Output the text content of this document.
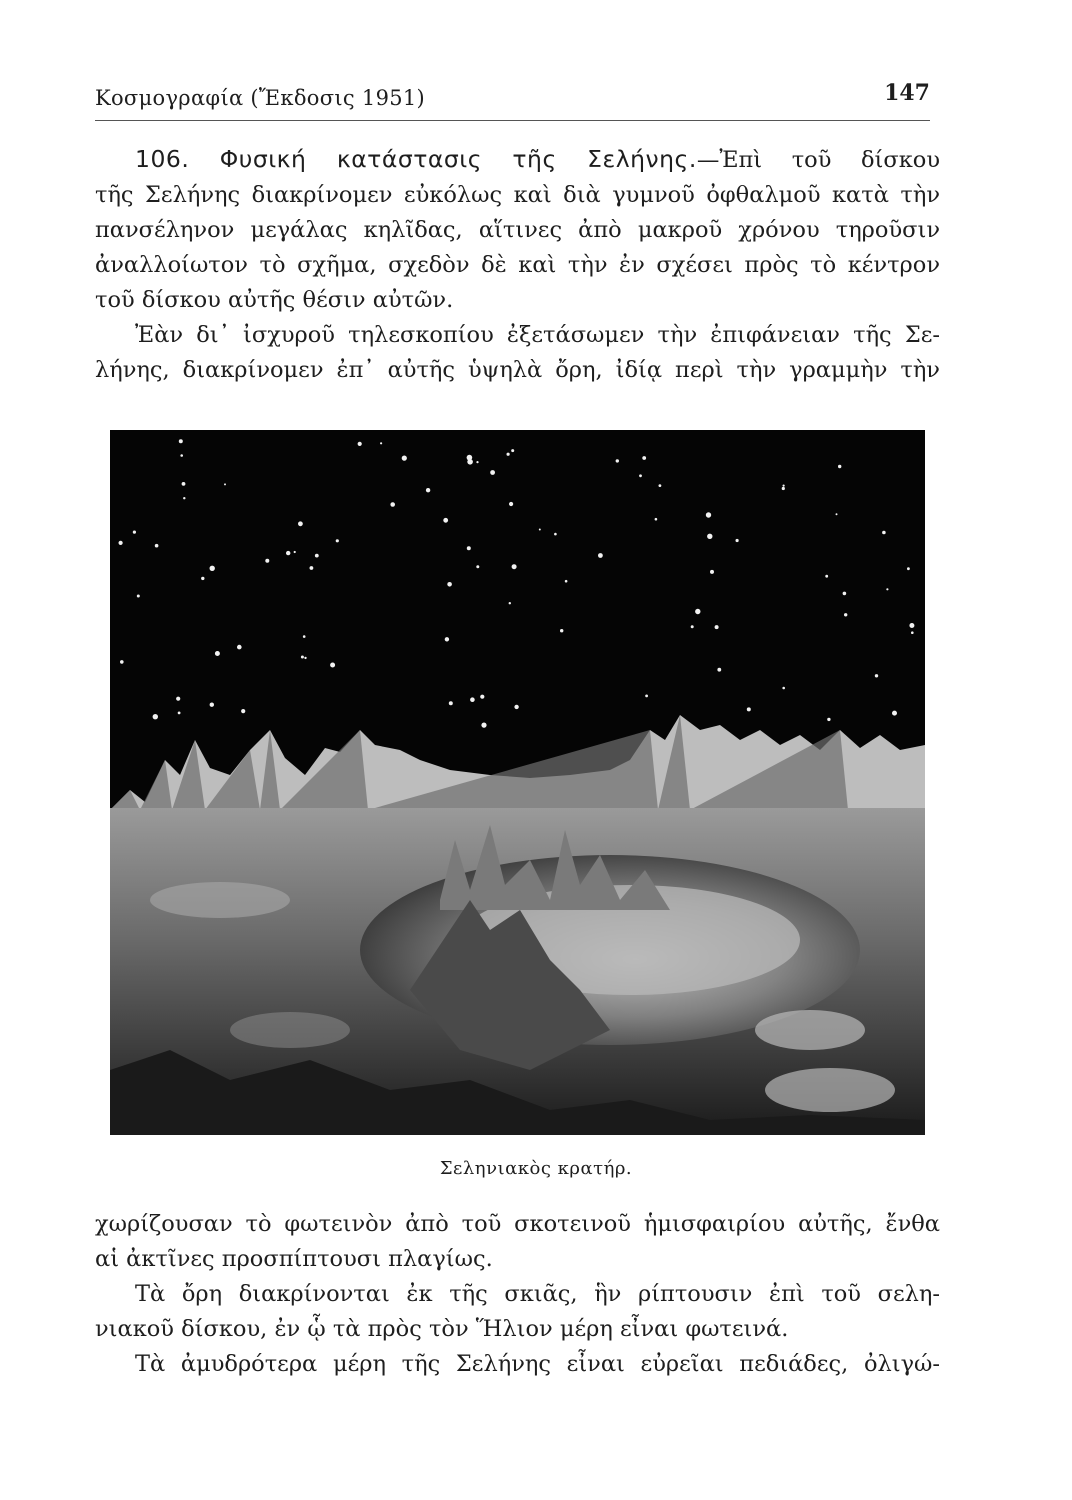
Κοσμογραφία (Ἔκδοσις 1951)	147

106. Φυσική κατάστασις τῆς Σελήνης.—Ἐπὶ τοῦ δίσκου

τῆς Σελήνης διακρίνομεν εὐκόλως καὶ διὰ γυμνοῦ ὀφθαλμοῦ κατὰ τὴν

πανσέληνον μεγάλας κηλῖδας, αἵτινες ἀπὸ μακροῦ χρόνου τηροῦσιν

ἀναλλοίωτον τὸ σχῆμα, σχεδὸν δὲ καὶ τὴν ἐν σχέσει πρὸς τὸ κέντρον

τοῦ δίσκου αὐτῆς θέσιν αὐτῶν.

Ἐὰν δι᾽ ἰσχυροῦ τηλεσκοπίου ἐξετάσωμεν τὴν ἐπιφάνειαν τῆς Σε-

λήνης, διακρίνομεν ἐπ᾽ αὐτῆς ὑψηλὰ ὄρη, ἰδίᾳ περὶ τὴν γραμμὴν τὴν

Σεληνιακὸς κρατήρ.

χωρίζουσαν τὸ φωτεινὸν ἀπὸ τοῦ σκοτεινοῦ ἡμισφαιρίου αὐτῆς, ἔνθα

αἱ ἀκτῖνες προσπίπτουσι πλαγίως.

Τὰ ὄρη διακρίνονται ἐκ τῆς σκιᾶς, ἣν ρίπτουσιν ἐπὶ τοῦ σελη-

νιακοῦ δίσκου, ἐν ᾧ τὰ πρὸς τὸν Ἥλιον μέρη εἶναι φωτεινά.

Τὰ ἀμυδρότερα μέρη τῆς Σελήνης εἶναι εὐρεῖαι πεδιάδες, ὀλιγώ-
